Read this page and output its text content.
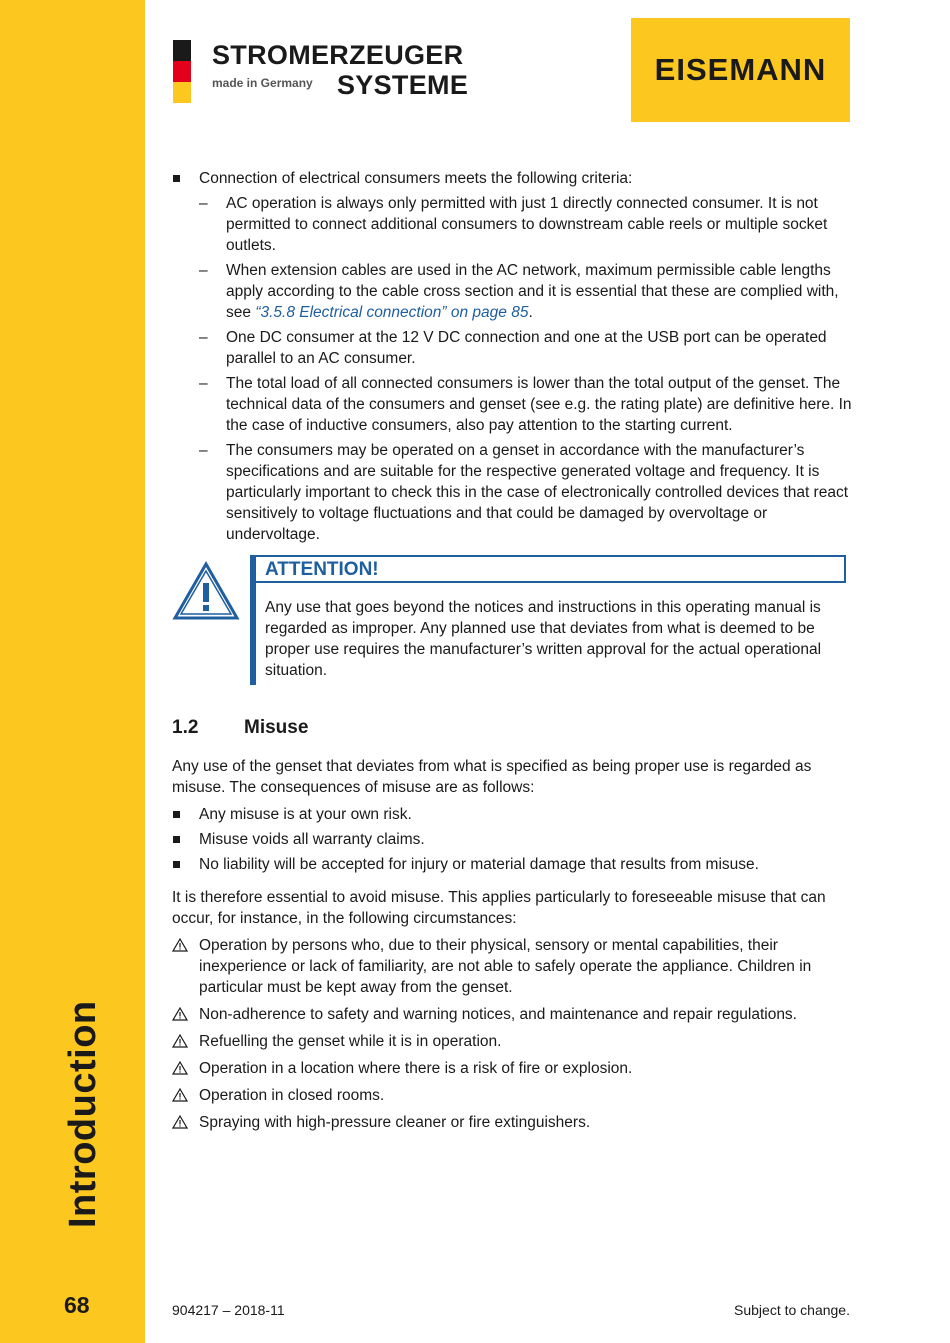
Introduction
68
STROMERZEUGER
made in Germany SYSTEME	EISEMANN
Connection of electrical consumers meets the following criteria:
– AC operation is always only permitted with just 1 directly connected consumer. It is not permitted to connect additional consumers to downstream cable reels or multiple socket outlets.
– When extension cables are used in the AC network, maximum permissible cable lengths apply according to the cable cross section and it is essential that these are complied with, see “3.5.8 Electrical connection” on page 85.
– One DC consumer at the 12 V DC connection and one at the USB port can be operated parallel to an AC consumer.
– The total load of all connected consumers is lower than the total output of the genset. The technical data of the consumers and genset (see e.g. the rating plate) are definitive here. In the case of inductive consumers, also pay attention to the starting current.
– The consumers may be operated on a genset in accordance with the manufacturer’s specifications and are suitable for the respective generated voltage and frequency. It is particularly important to check this in the case of electronically controlled devices that react sensitively to voltage fluctuations and that could be damaged by overvoltage or undervoltage.
ATTENTION!
Any use that goes beyond the notices and instructions in this operating manual is regarded as improper. Any planned use that deviates from what is deemed to be proper use requires the manufacturer’s written approval for the actual operational situation.
1.2 Misuse
Any use of the genset that deviates from what is specified as being proper use is regarded as misuse. The consequences of misuse are as follows:
Any misuse is at your own risk.
Misuse voids all warranty claims.
No liability will be accepted for injury or material damage that results from misuse.
It is therefore essential to avoid misuse. This applies particularly to foreseeable misuse that can occur, for instance, in the following circumstances:
Operation by persons who, due to their physical, sensory or mental capabilities, their inexperience or lack of familiarity, are not able to safely operate the appliance. Children in particular must be kept away from the genset.
Non-adherence to safety and warning notices, and maintenance and repair regulations.
Refuelling the genset while it is in operation.
Operation in a location where there is a risk of fire or explosion.
Operation in closed rooms.
Spraying with high-pressure cleaner or fire extinguishers.
904217 – 2018-11	Subject to change.
